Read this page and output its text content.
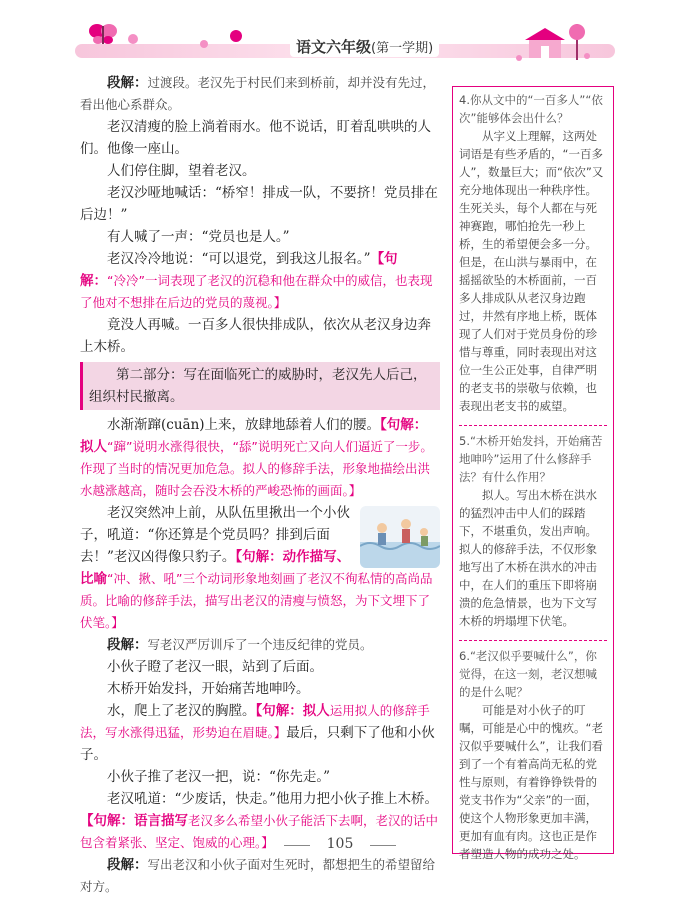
语文六年级(第一学期)

段解：过渡段。老汉先于村民们来到桥前，却并没有先过，看出他心系群众。

老汉清瘦的脸上淌着雨水。他不说话，盯着乱哄哄的人们。他像一座山。

人们停住脚，望着老汉。

老汉沙哑地喊话：“桥窄！排成一队，不要挤！党员排在后边！”

有人喊了一声：“党员也是人。”

老汉冷冷地说：“可以退党，到我这儿报名。”【句解：“冷冷”一词表现了老汉的沉稳和他在群众中的威信，也表现了他对不想排在后边的党员的蔑视。】

竟没人再喊。一百多人很快排成队，依次从老汉身边奔上木桥。

第二部分：写在面临死亡的威胁时，老汉先人后己，组织村民撤离。

水渐渐蹿(cuān)上来，放肆地舔着人们的腰。【句解：拟人“蹿”说明水涨得很快，“舔”说明死亡又向人们逼近了一步。作现了当时的情况更加危急。拟人的修辞手法，形象地描绘出洪水越涨越高，随时会吞没木桥的严峻恐怖的画面。】

老汉突然冲上前，从队伍里揪出一个小伙子，吼道：“你还算是个党员吗？排到后面去！”老汉凶得像只豹子。【句解：动作描写、比喻“冲、揪、吼”三个动词形象地刻画了老汉不徇私情的高尚品质。比喻的修辞手法，描写出老汉的清瘦与愤怒，为下文埋下了伏笔。】

段解：写老汉严厉训斥了一个违反纪律的党员。

小伙子瞪了老汉一眼，站到了后面。

木桥开始发抖，开始痛苦地呻吟。

水，爬上了老汉的胸膛。【句解：拟人运用拟人的修辞手法，写水涨得迅猛，形势迫在眉睫。】最后，只剩下了他和小伙子。

小伙子推了老汉一把，说：“你先走。”

老汉吼道：“少废话，快走。”他用力把小伙子推上木桥。【句解：语言描写老汉多么希望小伙子能活下去啊，老汉的话中包含着紧张、坚定、饱威的心理。】

段解：写出老汉和小伙子面对生死时，都想把生的希望留给对方。

4.你从文中的“一百多人”“依次”能够体会出什么？
从字义上理解，这两处词语是有些矛盾的，“一百多人”，数量巨大；而“依次”又充分地体现出一种秩序性。生死关头，每个人都在与死神赛跑，哪怕抢先一秒上桥，生的希望便会多一分。但是，在山洪与暴雨中，在摇摇欲坠的木桥面前，一百多人排成队从老汉身边跑过，井然有序地上桥，既体现了人们对于党员身份的珍惜与尊重，同时表现出对这位一生公正处事，自律严明的老支书的崇敬与依赖，也表现出老支书的威望。
5.“木桥开始发抖，开始痛苦地呻吟”运用了什么修辞手法？有什么作用？
拟人。写出木桥在洪水的猛烈冲击中人们的踩踏下，不堪重负，发出声响。拟人的修辞手法，不仅形象地写出了木桥在洪水的冲击中，在人们的重压下即将崩溃的危急情景，也为下文写木桥的坍塌埋下伏笔。
6.“老汉似乎要喊什么”，你觉得，在这一刻，老汉想喊的是什么呢？
可能是对小伙子的叮嘱，可能是心中的愧疚。“老汉似乎要喊什么”，让我们看到了一个有着高尚无私的党性与原则，有着铮铮铁骨的党支书作为“父亲”的一面，使这个人物形象更加丰满，更加有血有肉。这也正是作者塑造人物的成功之处。
105
